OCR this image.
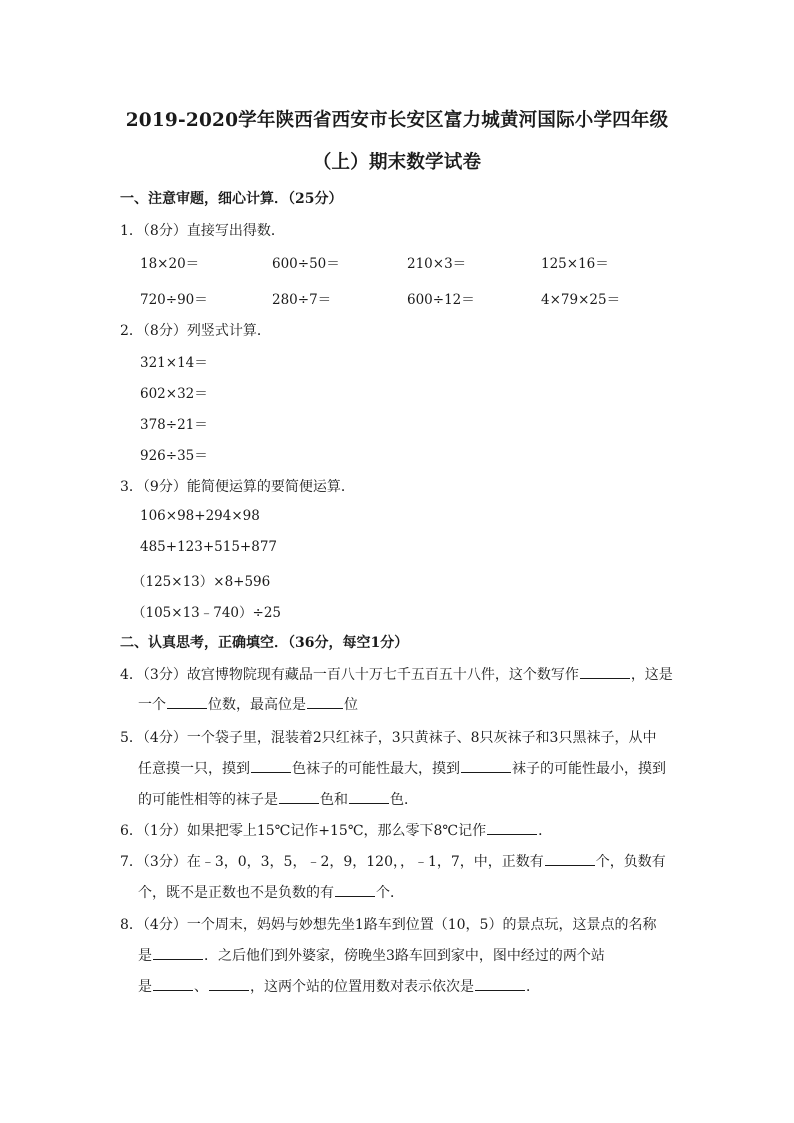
2019-2020学年陕西省西安市长安区富力城黄河国际小学四年级
（上）期末数学试卷
一、注意审题，细心计算．（25分）
1．（8分）直接写出得数．
18×20＝	600÷50＝	210×3＝	125×16＝
720÷90＝	280÷7＝	600÷12＝	4×79×25＝
2．（8分）列竖式计算．
321×14＝
602×32＝
378÷21＝
926÷35＝
3．（9分）能简便运算的要简便运算．
106×98+294×98
485+123+515+877
（125×13）×8+596
（105×13﹣740）÷25
二、认真思考，正确填空．（36分，每空1分）
4．（3分）故宫博物院现有藏品一百八十万七千五百五十八件，这个数写作	，这是
一个	位数，最高位是	位
5．（4分）一个袋子里，混装着2只红袜子，3只黄袜子、8只灰袜子和3只黑袜子，从中
任意摸一只，摸到	色袜子的可能性最大，摸到	袜子的可能性最小，摸到
的可能性相等的袜子是	色和	色．
6．（1分）如果把零上15℃记作+15℃，那么零下8℃记作	．
7．（3分）在﹣3，0，3，5，﹣2，9，120，，﹣1，7，中，正数有	个，负数有
个，既不是正数也不是负数的有	个．
8．（4分）一个周末，妈妈与妙想先坐1路车到位置（10，5）的景点玩，这景点的名称
是	．之后他们到外婆家，傍晚坐3路车回到家中，图中经过的两个站
是	、	，这两个站的位置用数对表示依次是	．
